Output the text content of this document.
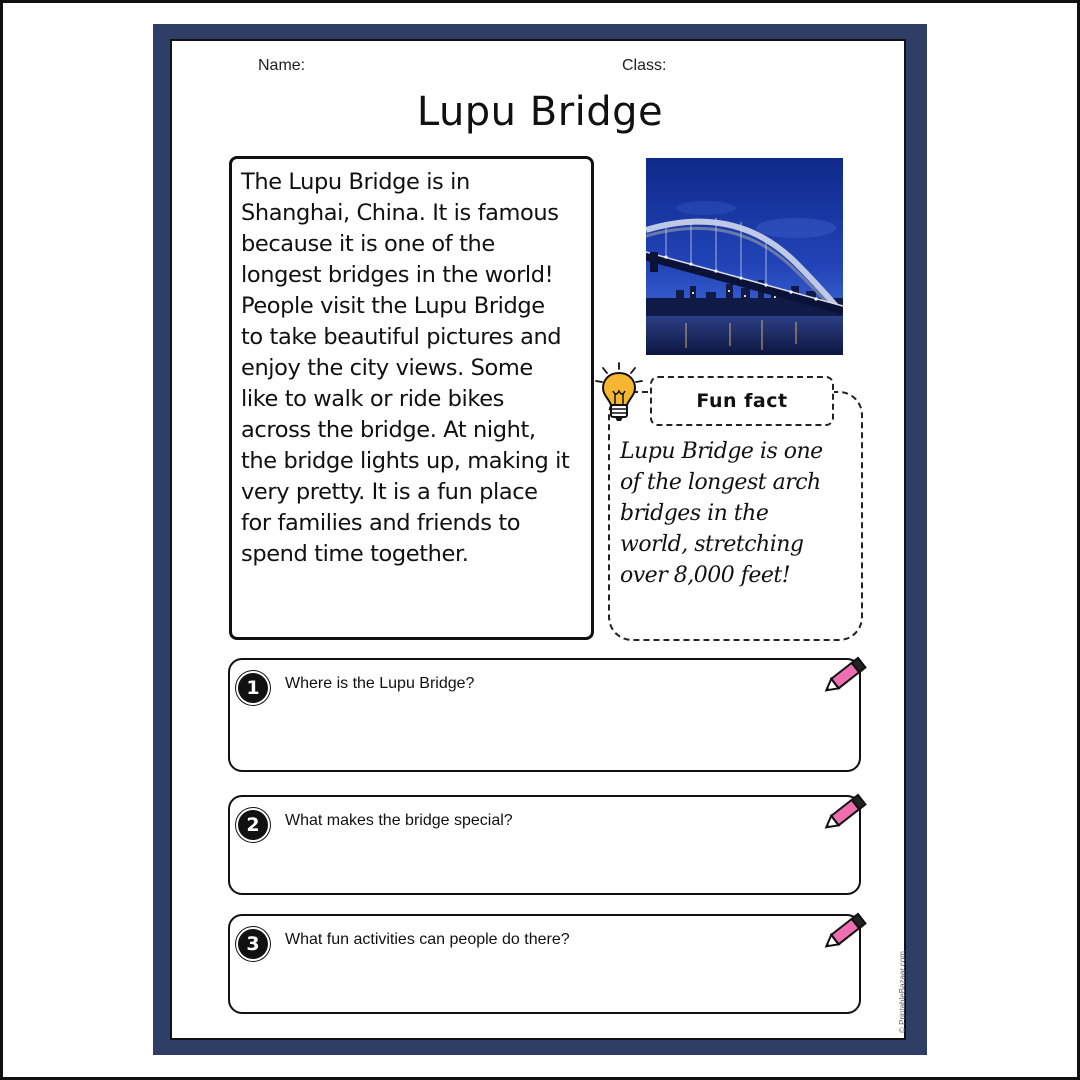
Name:	Class:
Lupu Bridge

The Lupu Bridge is in
Shanghai, China. It is famous
because it is one of the
longest bridges in the world!
People visit the Lupu Bridge
to take beautiful pictures and
enjoy the city views. Some
like to walk or ride bikes
across the bridge. At night,
the bridge lights up, making it
very pretty. It is a fun place
for families and friends to
spend time together.

Fun fact

Lupu Bridge is one
of the longest arch
bridges in the
world, stretching
over 8,000 feet!

1	Where is the Lupu Bridge?
2	What makes the bridge special?
3	What fun activities can people do there?
© PrintableBazaar.com
